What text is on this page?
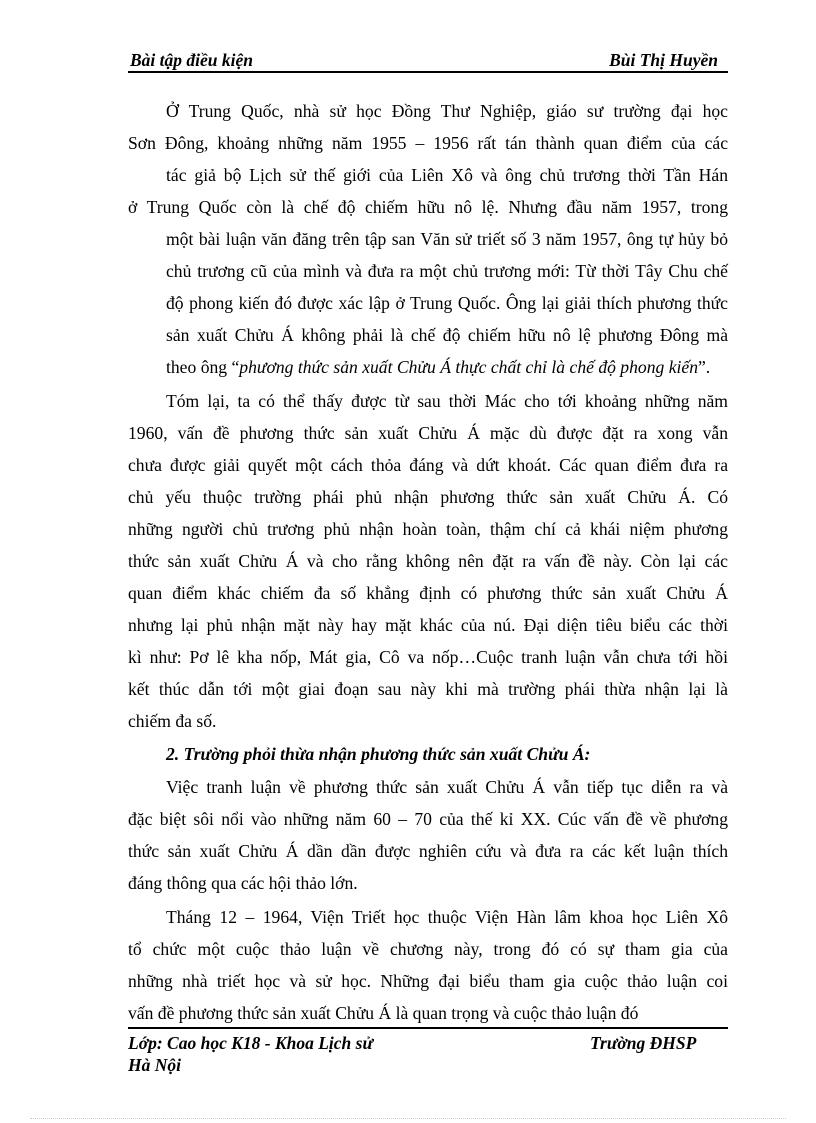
Bài tập điều kiện	Bùi Thị Huyền
Ở Trung Quốc, nhà sử học Đồng Thư Nghiệp, giáo sư trường đại học
Sơn Đông, khoảng những năm 1955 – 1956 rất tán thành quan điểm của các
tác giả bộ Lịch sử thế giới của Liên Xô và ông chủ trương thời Tần Hán
ở Trung Quốc còn là chế độ chiếm hữu nô lệ. Nhưng đầu năm 1957, trong
một bài luận văn đăng trên tập san Văn sử triết số 3 năm 1957, ông tự hủy bỏ
chủ trương cũ của mình và đưa ra một chủ trương mới: Từ thời Tây Chu chế
độ phong kiến đó được xác lập ở Trung Quốc. Ông lại giải thích phương thức
sản xuất Chửu Á không phải là chế độ chiếm hữu nô lệ phương Đông mà
theo ông “phương thức sản xuất Chửu Á thực chất chỉ là chế độ phong kiến”.
Tóm lại, ta có thể thấy được từ sau thời Mác cho tới khoảng những năm
1960, vấn đề phương thức sản xuất Chửu Á mặc dù được đặt ra xong vẫn
chưa được giải quyết một cách thỏa đáng và dứt khoát. Các quan điểm đưa ra
chủ yếu thuộc trường phái phủ nhận phương thức sản xuất Chửu Á. Có
những người chủ trương phủ nhận hoàn toàn, thậm chí cả khái niệm phương
thức sản xuất Chửu Á và cho rằng không nên đặt ra vấn đề này. Còn lại các
quan điểm khác chiếm đa số khẳng định có phương thức sản xuất Chửu Á
nhưng lại phủ nhận mặt này hay mặt khác của nú. Đại diện tiêu biểu các thời
kì như: Pơ lê kha nốp, Mát gia, Cô va nốp…Cuộc tranh luận vẫn chưa tới hồi
kết thúc dẫn tới một giai đoạn sau này khi mà trường phái thừa nhận lại là
chiếm đa số.
2. Trường phỏi thừa nhận phương thức sản xuất Chửu Á:
Việc tranh luận về phương thức sản xuất Chửu Á vẫn tiếp tục diễn ra và
đặc biệt sôi nổi vào những năm 60 – 70 của thế kỉ XX. Cúc vấn đề về phương
thức sản xuất Chửu Á dần dần được nghiên cứu và đưa ra các kết luận thích
đáng thông qua các hội thảo lớn.
Tháng 12 – 1964, Viện Triết học thuộc Viện Hàn lâm khoa học Liên Xô
tổ chức một cuộc thảo luận về chương này, trong đó có sự tham gia của
những nhà triết học và sử học. Những đại biểu tham gia cuộc thảo luận coi
vấn đề phương thức sản xuất Chửu Á là quan trọng và cuộc thảo luận đó
Lớp: Cao học K18 - Khoa Lịch sử
Hà Nội
Trường ĐHSP
